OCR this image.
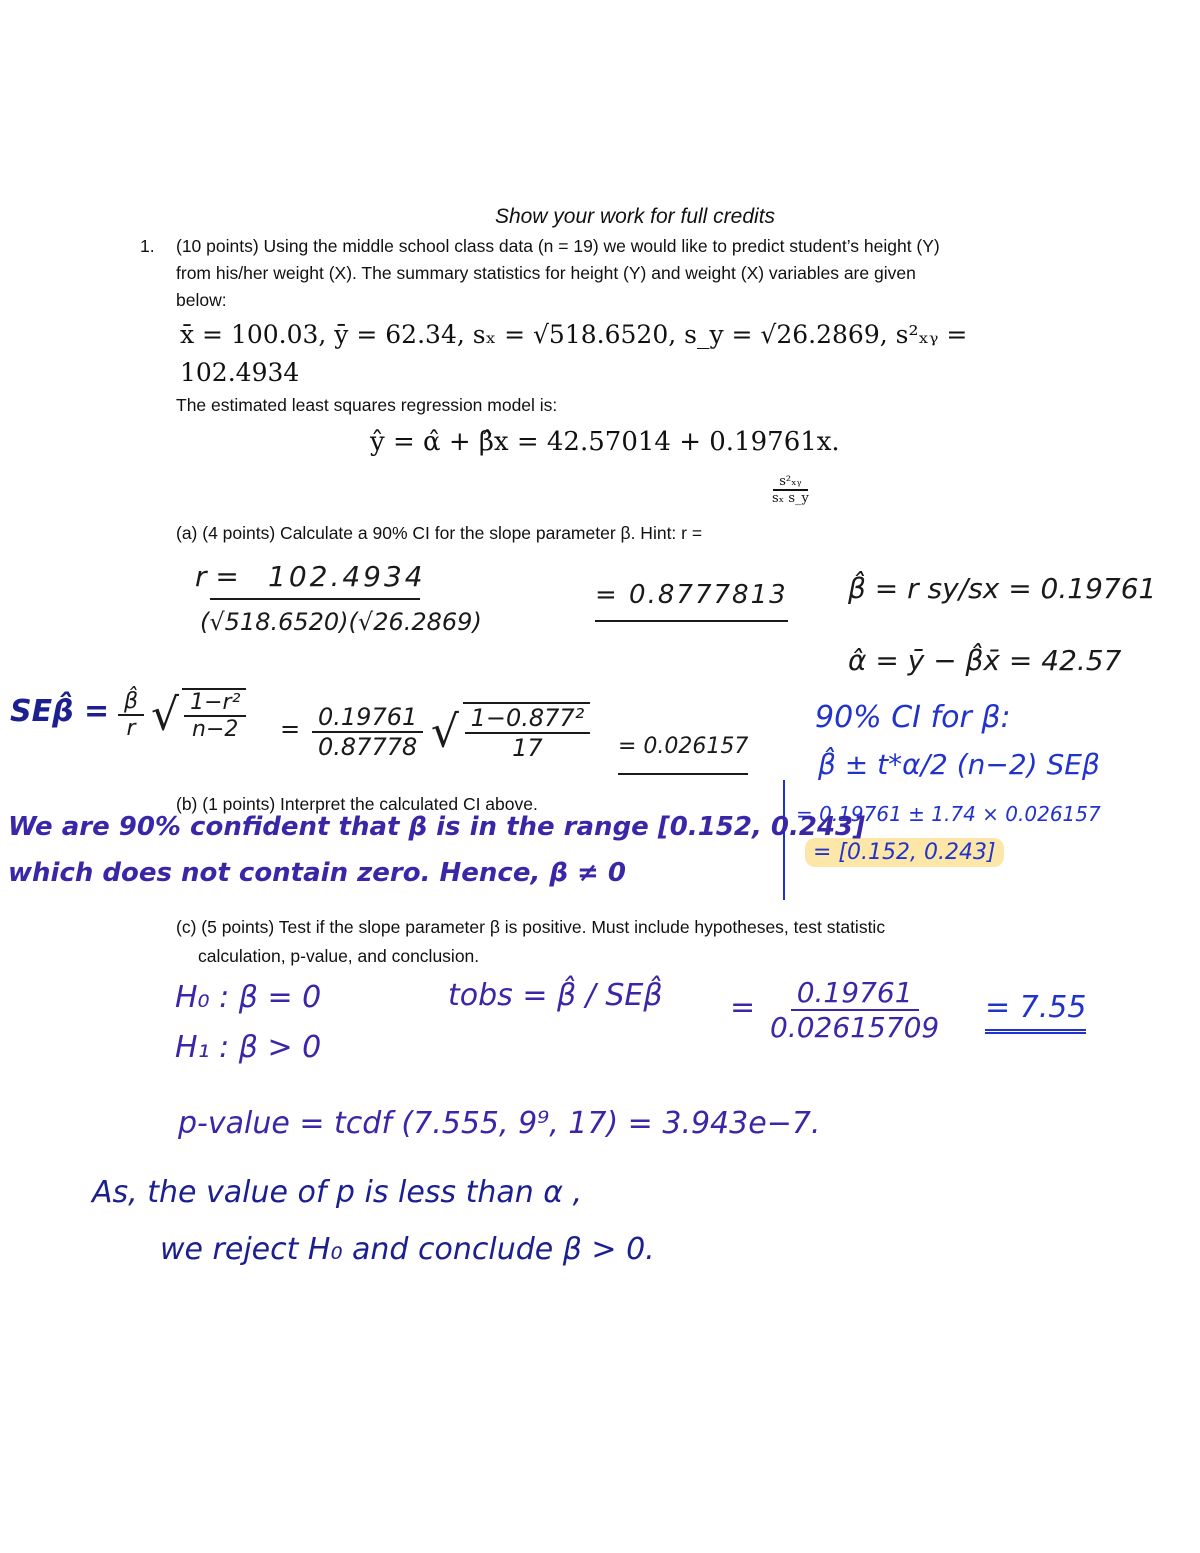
Show your work for full credits
1. (10 points) Using the middle school class data (n = 19) we would like to predict student’s height (Y)
from his/her weight (X). The summary statistics for height (Y) and weight (X) variables are given
below:
x̄ = 100.03, ȳ = 62.34, sₓ = √518.6520, s_y = √26.2869, s²ₓᵧ =
102.4934
The estimated least squares regression model is:
ŷ = α̂ + β̂x = 42.57014 + 0.19761x.
(a) (4 points) Calculate a 90% CI for the slope parameter β. Hint: r =
$\frac{\text{s²ₓᵧ}}{\text{sₓ s\_y}}$
(b) (1 points) Interpret the calculated CI above.
(c) (5 points) Test if the slope parameter β is positive. Must include hypotheses, test statistic
calculation, p-value, and conclusion.
r = 102.4934
(√518.6520)(√26.2869)
= 0.8777813 β̂ = r sy/sx = 0.19761
α̂ = ȳ − β̂x̄ = 42.57
SEβ̂ = $\frac{\betâ}{r}$ √ $\frac{\text{1−r²}}{n-2} = \frac{0.19761}{0.87778}$ √ $\frac{\text{1−0.877²}}{17} = 0.026157$
90% CI for β:
β̂ ± t*α/2 (n−2) SEβ
= 0.19761 ± 1.74 × 0.026157
= [0.152, 0.243]
We are 90% confident that β is in the range [0.152, 0.243]
which does not contain zero. Hence, β ≠ 0
H₀ : β = 0
H₁ : β > 0
tobs = β̂ / SEβ̂ = $\frac{0.19761}{0.02615709} = 7.55$
p-value = tcdf (7.555, 9⁹, 17) = 3.943e−7.
As, the value of p is less than α ,
we reject H₀ and conclude β > 0.
